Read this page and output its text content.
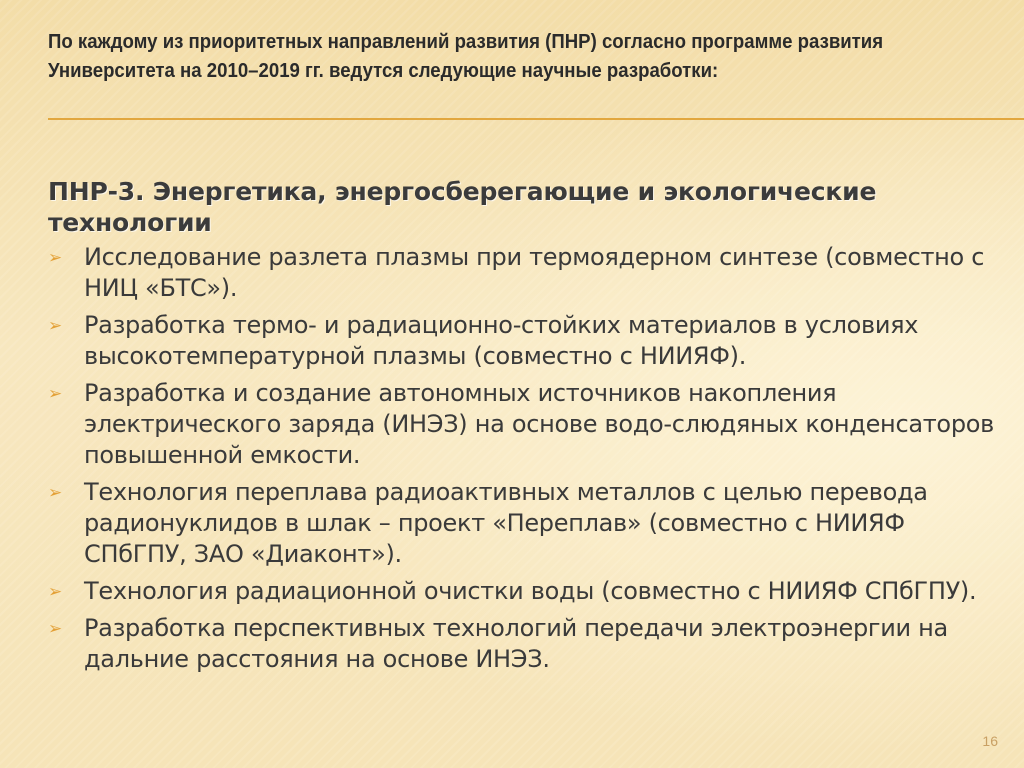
По каждому из приоритетных направлений развития (ПНР) согласно программе развития Университета на 2010–2019 гг. ведутся следующие научные разработки:
ПНР-3. Энергетика, энергосберегающие и экологические технологии
➢ Исследование разлета плазмы при термоядерном синтезе (совместно с НИЦ «БТС»).
➢ Разработка термо- и радиационно-стойких материалов в условиях высокотемпературной плазмы (совместно с НИИЯФ).
➢ Разработка и создание автономных источников накопления электрического заряда (ИНЭЗ) на основе водо-слюдяных конденсаторов повышенной емкости.
➢ Технология переплава радиоактивных металлов с целью перевода радионуклидов в шлак – проект «Переплав» (совместно с НИИЯФ СПбГПУ, ЗАО «Диаконт»).
➢ Технология радиационной очистки воды (совместно с НИИЯФ СПбГПУ).
➢ Разработка перспективных технологий передачи электроэнергии на дальние расстояния на основе ИНЭЗ.
16
